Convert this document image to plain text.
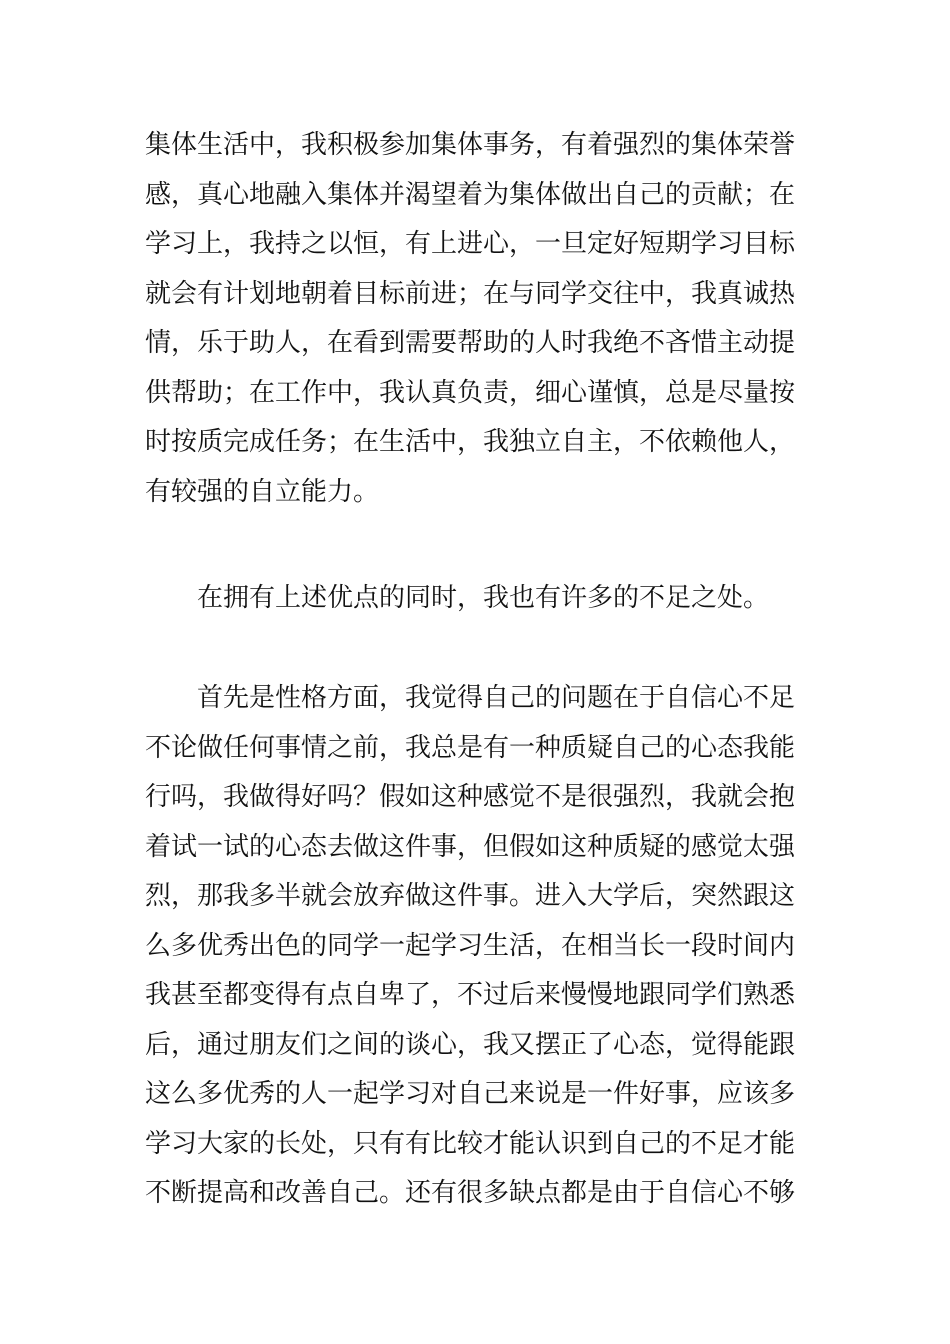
集体生活中，我积极参加集体事务，有着强烈的集体荣誉
感，真心地融入集体并渴望着为集体做出自己的贡献；在
学习上，我持之以恒，有上进心，一旦定好短期学习目标
就会有计划地朝着目标前进；在与同学交往中，我真诚热
情，乐于助人，在看到需要帮助的人时我绝不吝惜主动提
供帮助；在工作中，我认真负责，细心谨慎，总是尽量按
时按质完成任务；在生活中，我独立自主，不依赖他人，
有较强的自立能力。
在拥有上述优点的同时，我也有许多的不足之处。
首先是性格方面，我觉得自己的问题在于自信心不足
不论做任何事情之前，我总是有一种质疑自己的心态我能
行吗，我做得好吗？假如这种感觉不是很强烈，我就会抱
着试一试的心态去做这件事，但假如这种质疑的感觉太强
烈，那我多半就会放弃做这件事。进入大学后，突然跟这
么多优秀出色的同学一起学习生活，在相当长一段时间内
我甚至都变得有点自卑了，不过后来慢慢地跟同学们熟悉
后，通过朋友们之间的谈心，我又摆正了心态，觉得能跟
这么多优秀的人一起学习对自己来说是一件好事，应该多
学习大家的长处，只有有比较才能认识到自己的不足才能
不断提高和改善自己。还有很多缺点都是由于自信心不够
